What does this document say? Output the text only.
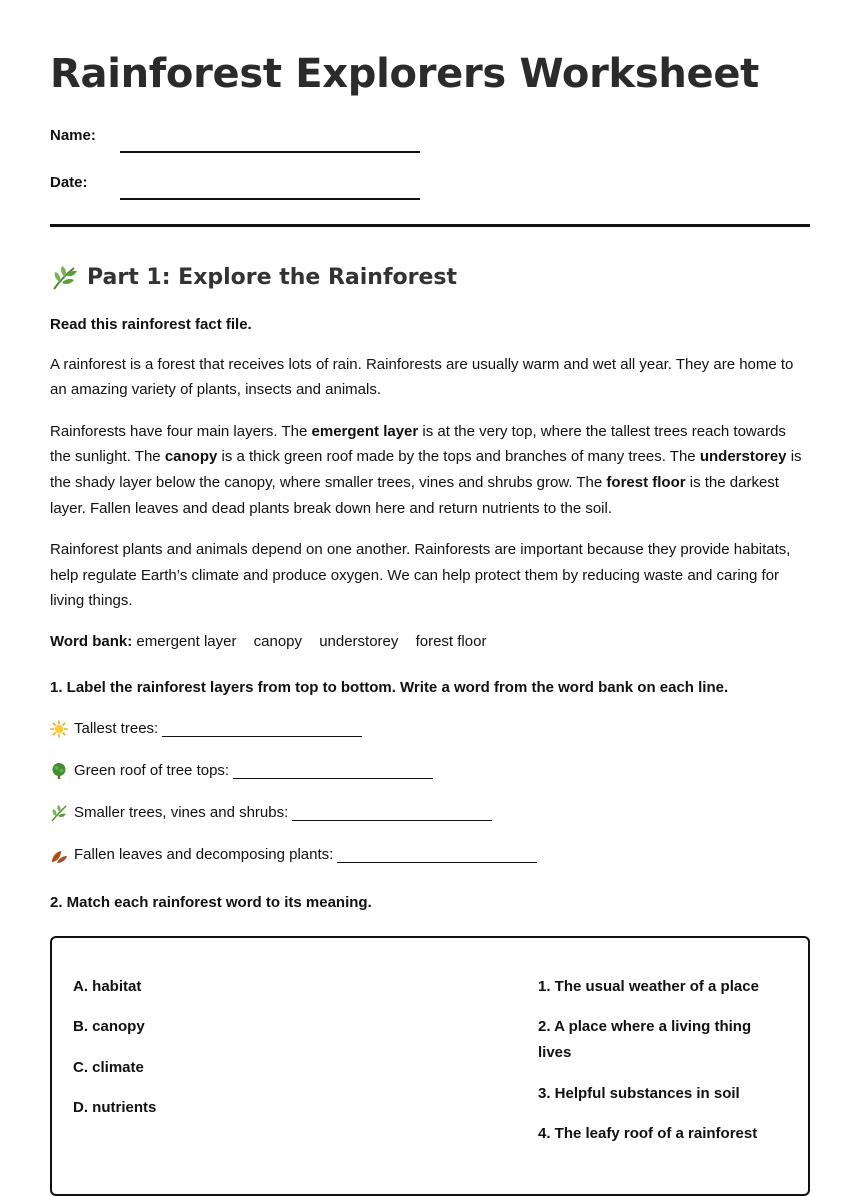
Rainforest Explorers Worksheet
Name:
Date:
Part 1: Explore the Rainforest

Read this rainforest fact file.

A rainforest is a forest that receives lots of rain. Rainforests are usually warm and wet all year. They are home to an amazing variety of plants, insects and animals.

Rainforests have four main layers. The emergent layer is at the very top, where the tallest trees reach towards the sunlight. The canopy is a thick green roof made by the tops and branches of many trees. The understorey is the shady layer below the canopy, where smaller trees, vines and shrubs grow. The forest floor is the darkest layer. Fallen leaves and dead plants break down here and return nutrients to the soil.

Rainforest plants and animals depend on one another. Rainforests are important because they provide habitats, help regulate Earth’s climate and produce oxygen. We can help protect them by reducing waste and caring for living things.

Word bank: emergent layer canopy understorey forest floor

1. Label the rainforest layers from top to bottom. Write a word from the word bank on each line.

Tallest trees:
Green roof of tree tops:
Smaller trees, vines and shrubs:
Fallen leaves and decomposing plants:

2. Match each rainforest word to its meaning.

A. habitat
B. canopy
C. climate
D. nutrients
1. The usual weather of a place
2. A place where a living thing lives
3. Helpful substances in soil
4. The leafy roof of a rainforest
